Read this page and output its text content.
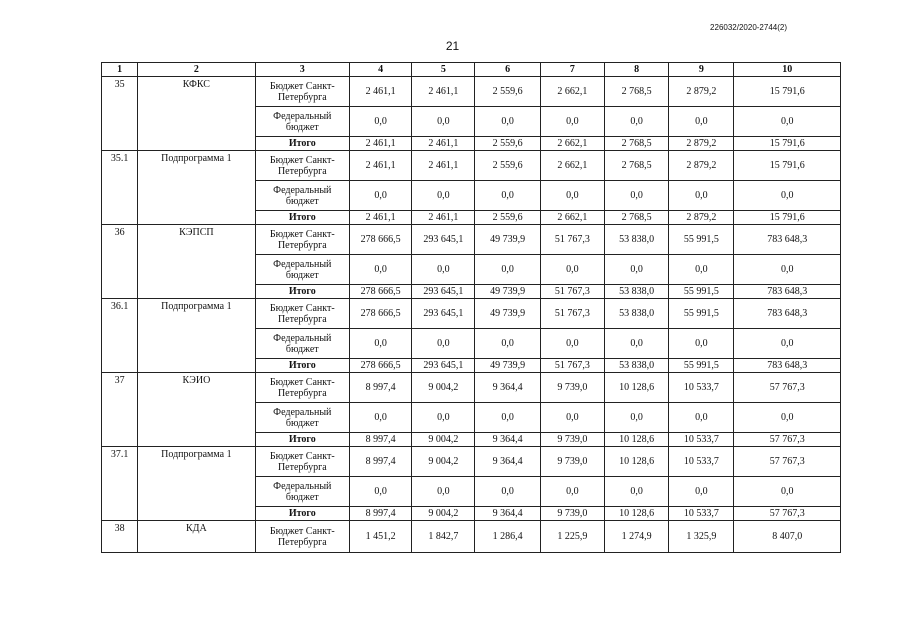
226032/2020-2744(2)
21
1	2	3	4	5	6	7	8	9	10
35	КФКС	Бюджет Санкт-Петербурга	2 461,1	2 461,1	2 559,6	2 662,1	2 768,5	2 879,2	15 791,6
		Федеральный бюджет	0,0	0,0	0,0	0,0	0,0	0,0	0,0
		Итого	2 461,1	2 461,1	2 559,6	2 662,1	2 768,5	2 879,2	15 791,6
35.1	Подпрограмма 1	Бюджет Санкт-Петербурга	2 461,1	2 461,1	2 559,6	2 662,1	2 768,5	2 879,2	15 791,6
		Федеральный бюджет	0,0	0,0	0,0	0,0	0,0	0,0	0,0
		Итого	2 461,1	2 461,1	2 559,6	2 662,1	2 768,5	2 879,2	15 791,6
36	КЭПСП	Бюджет Санкт-Петербурга	278 666,5	293 645,1	49 739,9	51 767,3	53 838,0	55 991,5	783 648,3
		Федеральный бюджет	0,0	0,0	0,0	0,0	0,0	0,0	0,0
		Итого	278 666,5	293 645,1	49 739,9	51 767,3	53 838,0	55 991,5	783 648,3
36.1	Подпрограмма 1	Бюджет Санкт-Петербурга	278 666,5	293 645,1	49 739,9	51 767,3	53 838,0	55 991,5	783 648,3
		Федеральный бюджет	0,0	0,0	0,0	0,0	0,0	0,0	0,0
		Итого	278 666,5	293 645,1	49 739,9	51 767,3	53 838,0	55 991,5	783 648,3
37	КЭИО	Бюджет Санкт-Петербурга	8 997,4	9 004,2	9 364,4	9 739,0	10 128,6	10 533,7	57 767,3
		Федеральный бюджет	0,0	0,0	0,0	0,0	0,0	0,0	0,0
		Итого	8 997,4	9 004,2	9 364,4	9 739,0	10 128,6	10 533,7	57 767,3
37.1	Подпрограмма 1	Бюджет Санкт-Петербурга	8 997,4	9 004,2	9 364,4	9 739,0	10 128,6	10 533,7	57 767,3
		Федеральный бюджет	0,0	0,0	0,0	0,0	0,0	0,0	0,0
		Итого	8 997,4	9 004,2	9 364,4	9 739,0	10 128,6	10 533,7	57 767,3
38	КДА	Бюджет Санкт-Петербурга	1 451,2	1 842,7	1 286,4	1 225,9	1 274,9	1 325,9	8 407,0
